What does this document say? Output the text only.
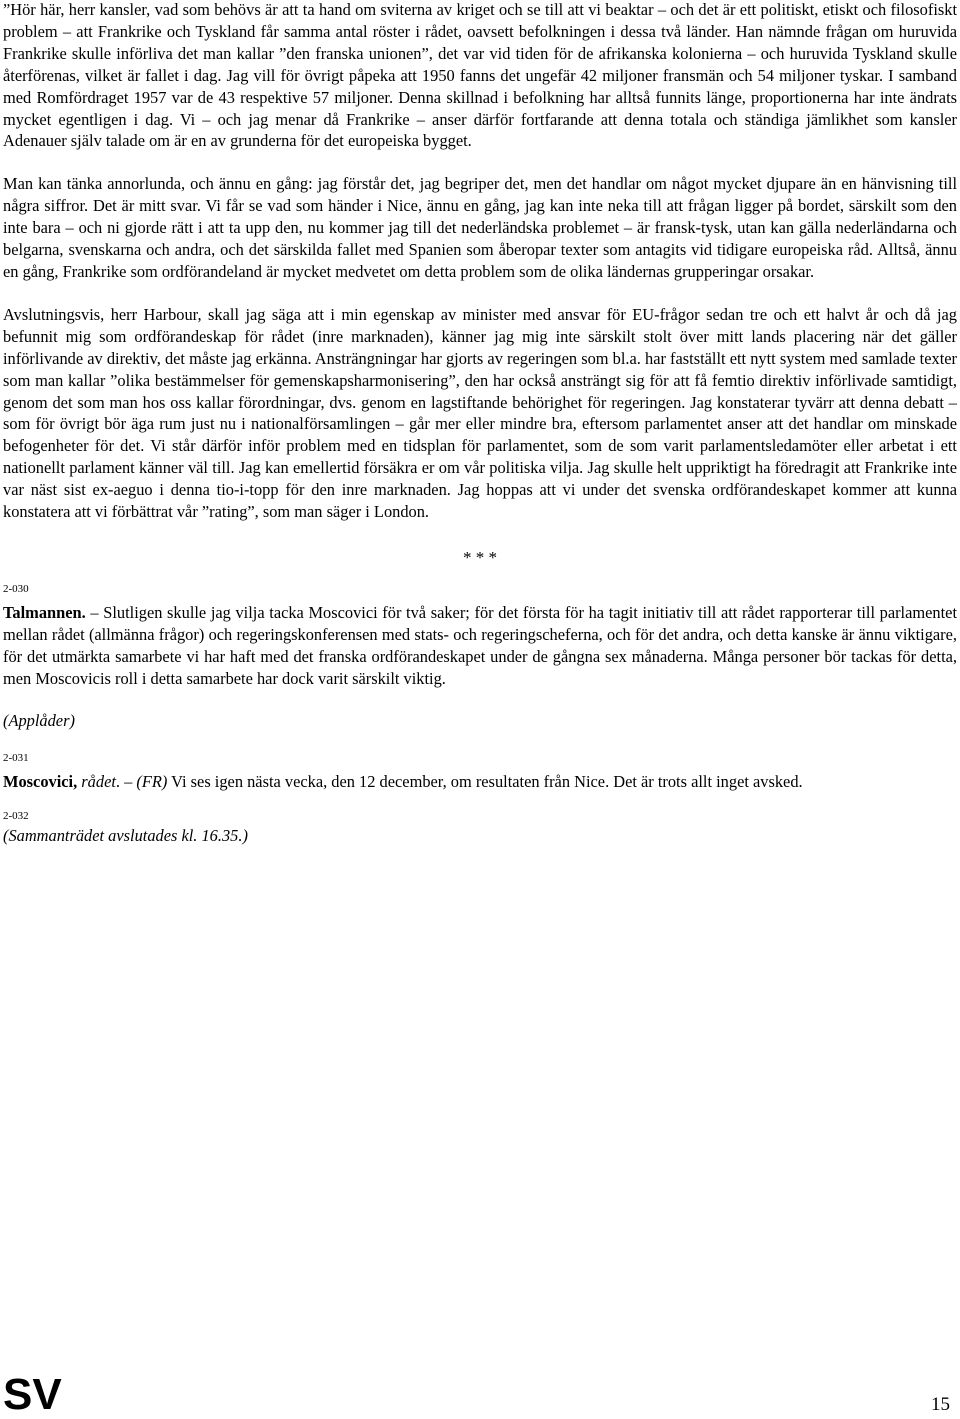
”Hör här, herr kansler, vad som behövs är att ta hand om sviterna av kriget och se till att vi beaktar – och det är ett politiskt, etiskt och filosofiskt problem – att Frankrike och Tyskland får samma antal röster i rådet, oavsett befolkningen i dessa två länder. Han nämnde frågan om huruvida Frankrike skulle införliva det man kallar ”den franska unionen”, det var vid tiden för de afrikanska kolonierna – och huruvida Tyskland skulle återförenas, vilket är fallet i dag. Jag vill för övrigt påpeka att 1950 fanns det ungefär 42 miljoner fransmän och 54 miljoner tyskar. I samband med Romfördraget 1957 var de 43 respektive 57 miljoner. Denna skillnad i befolkning har alltså funnits länge, proportionerna har inte ändrats mycket egentligen i dag. Vi – och jag menar då Frankrike – anser därför fortfarande att denna totala och ständiga jämlikhet som kansler Adenauer själv talade om är en av grunderna för det europeiska bygget.

Man kan tänka annorlunda, och ännu en gång: jag förstår det, jag begriper det, men det handlar om något mycket djupare än en hänvisning till några siffror. Det är mitt svar. Vi får se vad som händer i Nice, ännu en gång, jag kan inte neka till att frågan ligger på bordet, särskilt som den inte bara – och ni gjorde rätt i att ta upp den, nu kommer jag till det nederländska problemet – är fransk-tysk, utan kan gälla nederländarna och belgarna, svenskarna och andra, och det särskilda fallet med Spanien som åberopar texter som antagits vid tidigare europeiska råd. Alltså, ännu en gång, Frankrike som ordförandeland är mycket medvetet om detta problem som de olika ländernas grupperingar orsakar.

Avslutningsvis, herr Harbour, skall jag säga att i min egenskap av minister med ansvar för EU-frågor sedan tre och ett halvt år och då jag befunnit mig som ordförandeskap för rådet (inre marknaden), känner jag mig inte särskilt stolt över mitt lands placering när det gäller införlivande av direktiv, det måste jag erkänna. Ansträngningar har gjorts av regeringen som bl.a. har fastställt ett nytt system med samlade texter som man kallar ”olika bestämmelser för gemenskapsharmonisering”, den har också ansträngt sig för att få femtio direktiv införlivade samtidigt, genom det som man hos oss kallar förordningar, dvs. genom en lagstiftande behörighet för regeringen. Jag konstaterar tyvärr att denna debatt – som för övrigt bör äga rum just nu i nationalförsamlingen – går mer eller mindre bra, eftersom parlamentet anser att det handlar om minskade befogenheter för det. Vi står därför inför problem med en tidsplan för parlamentet, som de som varit parlamentsledamöter eller arbetat i ett nationellt parlament känner väl till. Jag kan emellertid försäkra er om vår politiska vilja. Jag skulle helt uppriktigt ha föredragit att Frankrike inte var näst sist ex-aeguo i denna tio-i-topp för den inre marknaden. Jag hoppas att vi under det svenska ordförandeskapet kommer att kunna konstatera att vi förbättrat vår ”rating”, som man säger i London.

* * *

2-030

Talmannen. – Slutligen skulle jag vilja tacka Moscovici för två saker; för det första för ha tagit initiativ till att rådet rapporterar till parlamentet mellan rådet (allmänna frågor) och regeringskonferensen med stats- och regeringscheferna, och för det andra, och detta kanske är ännu viktigare, för det utmärkta samarbete vi har haft med det franska ordförandeskapet under de gångna sex månaderna. Många personer bör tackas för detta, men Moscovicis roll i detta samarbete har dock varit särskilt viktig.

(Applåder)

2-031

Moscovici, rådet. – (FR) Vi ses igen nästa vecka, den 12 december, om resultaten från Nice. Det är trots allt inget avsked.

2-032

(Sammanträdet avslutades kl. 16.35.)

SV	15
